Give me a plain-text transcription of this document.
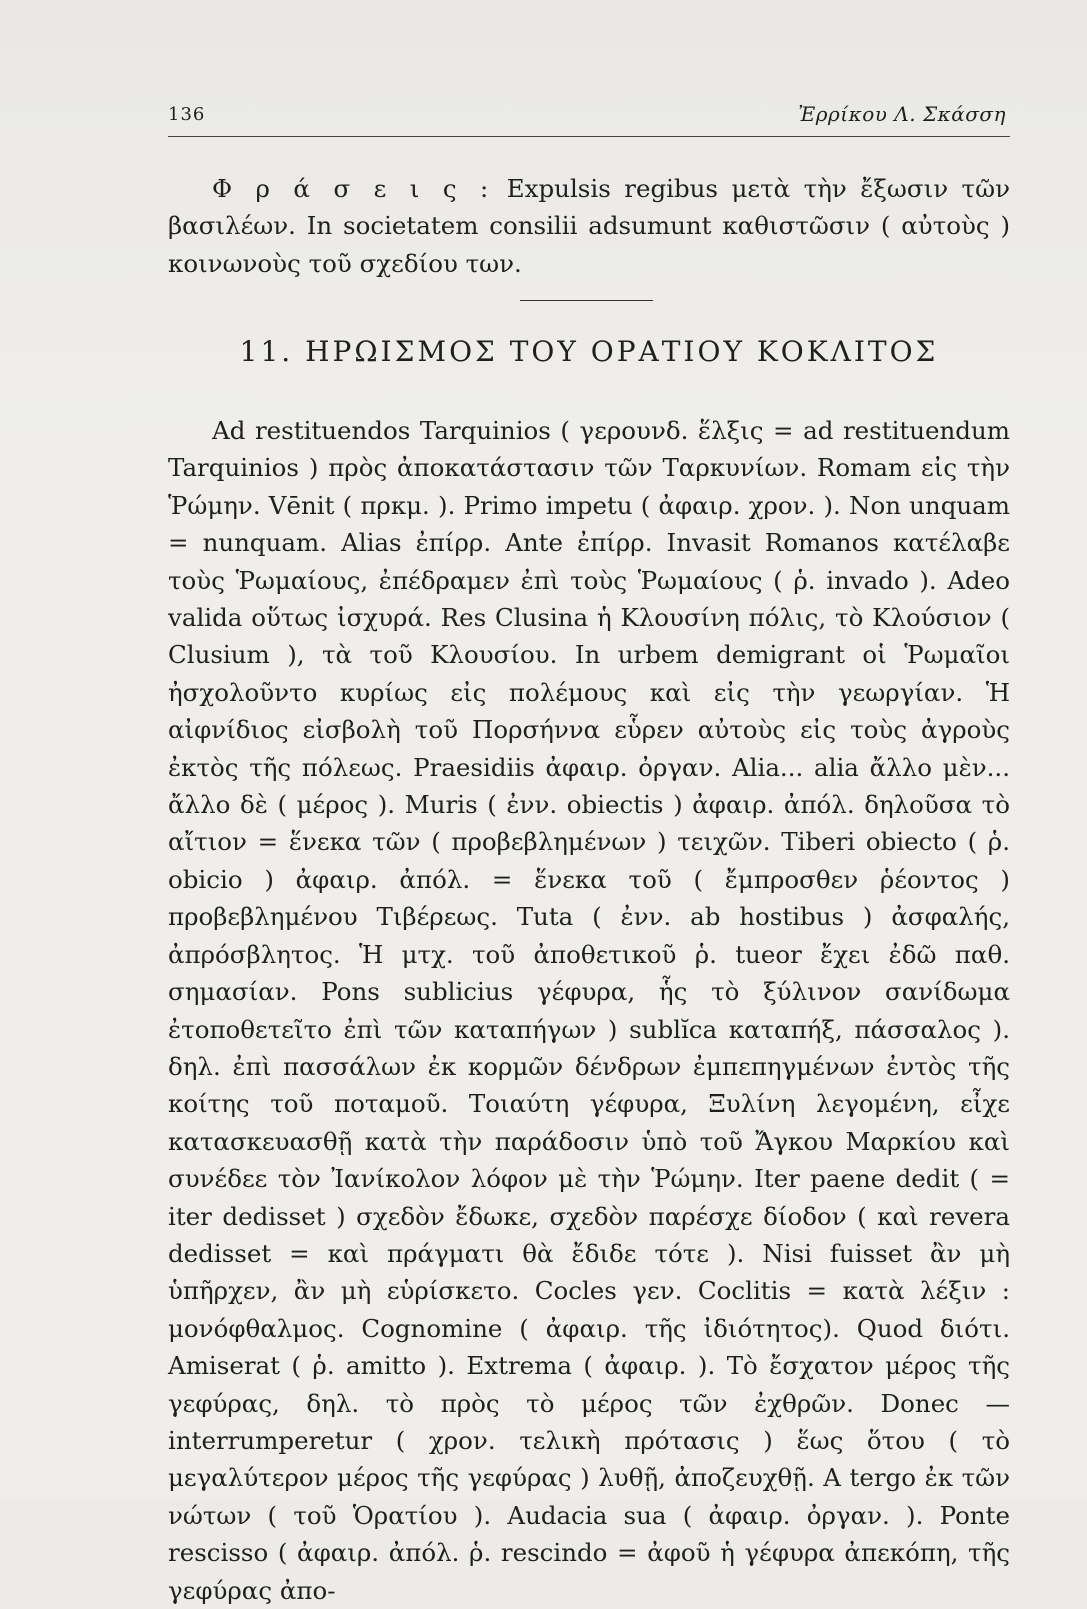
136	Ἐρρίκου Λ. Σκάσση

Φ ρ ά σ ε ι ς : Expulsis regibus μετὰ τὴν ἔξωσιν τῶν βασιλέων. In societatem consilii adsumunt καθιστῶσιν ( αὐτοὺς ) κοινωνοὺς τοῦ σχεδίου των.

11. ΗΡΩΙΣΜΟΣ ΤΟΥ ΟΡΑΤΙΟΥ ΚΟΚΛΙΤΟΣ

Ad restituendos Tarquinios ( γερουνδ. ἕλξις = ad restituendum Tarquinios ) πρὸς ἀποκατάστασιν τῶν Ταρκυνίων. Romam εἰς τὴν Ῥώμην. Vēnit ( πρκμ. ). Primo impetu ( ἀφαιρ. χρον. ). Non unquam = nunquam. Alias ἐπίρρ. Ante ἐπίρρ. Invasit Romanos κατέλαβε τοὺς Ῥωμαίους, ἐπέδραμεν ἐπὶ τοὺς Ῥωμαίους ( ῥ. invado ). Adeo valida οὕτως ἰσχυρά. Res Clusina ἡ Κλουσίνη πόλις, τὸ Κλούσιον ( Clusium ), τὰ τοῦ Κλουσίου. In urbem demigrant οἱ Ῥωμαῖοι ἠσχολοῦντο κυρίως εἰς πολέμους καὶ εἰς τὴν γεωργίαν. Ἡ αἰφνίδιος εἰσβολὴ τοῦ Πορσήννα εὗρεν αὐτοὺς εἰς τοὺς ἀγροὺς ἐκτὸς τῆς πόλεως. Praesidiis ἀφαιρ. ὀργαν. Alia... alia ἄλλο μὲν... ἄλλο δὲ ( μέρος ). Muris ( ἐνν. obiectis ) ἀφαιρ. ἀπόλ. δηλοῦσα τὸ αἴτιον = ἕνεκα τῶν ( προβεβλημένων ) τειχῶν. Tiberi obiecto ( ῥ. obicio ) ἀφαιρ. ἀπόλ. = ἕνεκα τοῦ ( ἔμπροσθεν ῥέοντος ) προβεβλημένου Τιβέρεως. Tuta ( ἐνν. ab hostibus ) ἀσφαλής, ἀπρόσβλητος. Ἡ μτχ. τοῦ ἀποθετικοῦ ῥ. tueor ἔχει ἐδῶ παθ. σημασίαν. Pons sublicius γέφυρα, ἧς τὸ ξύλινον σανίδωμα ἐτοποθετεῖτο ἐπὶ τῶν καταπήγων ) sublĭca καταπήξ, πάσσαλος ). δηλ. ἐπὶ πασσάλων ἐκ κορμῶν δένδρων ἐμπεπηγμένων ἐντὸς τῆς κοίτης τοῦ ποταμοῦ. Τοιαύτη γέφυρα, Ξυλίνη λεγομένη, εἶχε κατασκευασθῇ κατὰ τὴν παράδοσιν ὑπὸ τοῦ Ἄγκου Μαρκίου καὶ συνέδεε τὸν Ἰανίκολον λόφον μὲ τὴν Ῥώμην. Iter paene dedit ( = iter dedisset ) σχεδὸν ἔδωκε, σχεδὸν παρέσχε δίοδον ( καὶ revera dedisset = καὶ πράγματι θὰ ἔδιδε τότε ). Nisi fuisset ἂν μὴ ὑπῆρχεν, ἂν μὴ εὑρίσκετο. Cocles γεν. Coclitis = κατὰ λέξιν : μονόφθαλμος. Cognomine ( ἀφαιρ. τῆς ἰδιότητος). Quod διότι. Amiserat ( ῥ. amitto ). Extrema ( ἀφαιρ. ). Τὸ ἔσχατον μέρος τῆς γεφύρας, δηλ. τὸ πρὸς τὸ μέρος τῶν ἐχθρῶν. Donec — interrumperetur ( χρον. τελικὴ πρότασις ) ἕως ὅτου ( τὸ μεγαλύτερον μέρος τῆς γεφύρας ) λυθῇ, ἀποζευχθῇ. A tergo ἐκ τῶν νώτων ( τοῦ Ὁρατίου ). Audacia sua ( ἀφαιρ. ὀργαν. ). Ponte rescisso ( ἀφαιρ. ἀπόλ. ῥ. rescindo = ἀφοῦ ἡ γέφυρα ἀπεκόπη, τῆς γεφύρας ἀπο-
